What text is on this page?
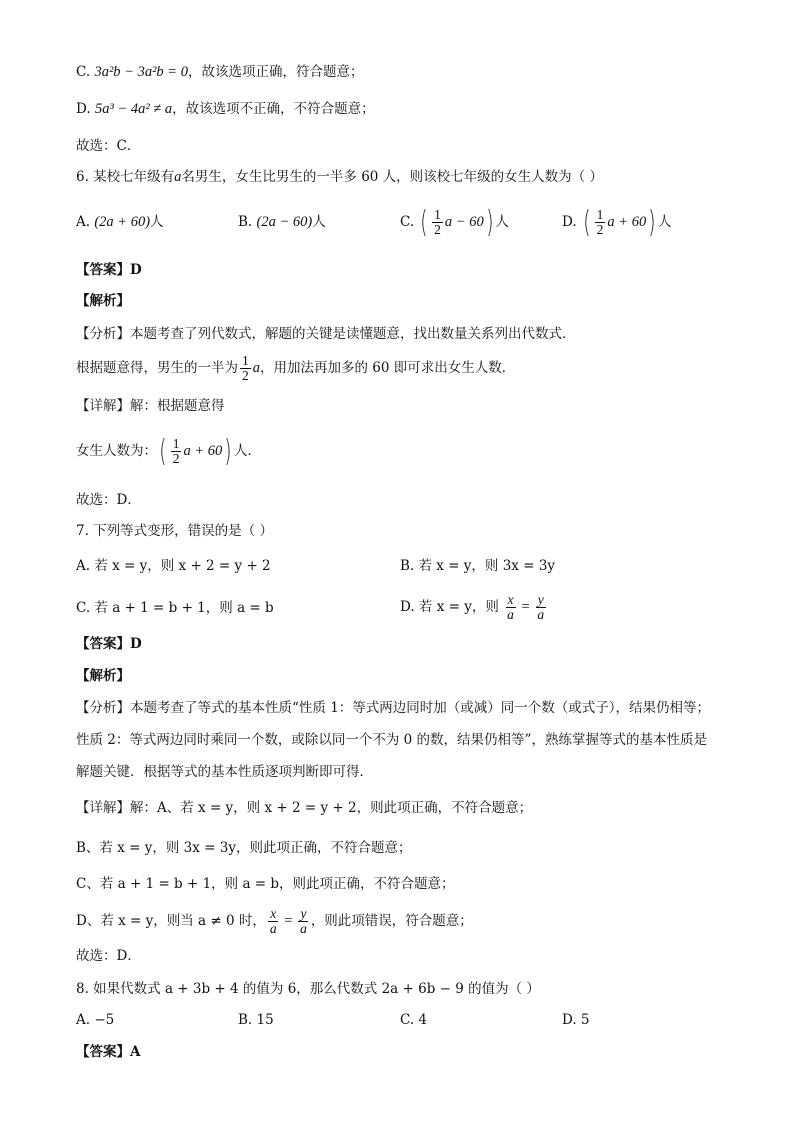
C. 3a²b − 3a²b = 0，故该选项正确，符合题意；
D. 5a³ − 4a² ≠ a，故该选项不正确，不符合题意；
故选：C．
6. 某校七年级有a名男生，女生比男生的一半多 60 人，则该校七年级的女生人数为（ ）
A. (2a + 60)人	B. (2a − 60)人	C. ( $\frac{1}{2}$ a − 60) 人	D. ( $\frac{1}{2}$ a + 60) 人
【答案】D
【解析】
【分析】本题考查了列代数式，解题的关键是读懂题意，找出数量关系列出代数式．
根据题意得，男生的一半为 $\frac{1}{2}$ a，用加法再加多的 60 即可求出女生人数．
【详解】解：根据题意得
女生人数为：( $\frac{1}{2}$ a + 60) 人．
故选：D．
7. 下列等式变形，错误的是（ ）
A. 若 x = y，则 x + 2 = y + 2	B. 若 x = y，则 3x = 3y
C. 若 a + 1 = b + 1，则 a = b	D. 若 x = y，则 $\frac{x}{a} = \frac{y}{a}$
【答案】D
【解析】
【分析】本题考查了等式的基本性质“性质 1：等式两边同时加（或减）同一个数（或式子），结果仍相等；
性质 2：等式两边同时乘同一个数，或除以同一个不为 0 的数，结果仍相等”，熟练掌握等式的基本性质是
解题关键．根据等式的基本性质逐项判断即可得．
【详解】解：A、若 x = y，则 x + 2 = y + 2，则此项正确，不符合题意；
B、若 x = y，则 3x = 3y，则此项正确，不符合题意；
C、若 a + 1 = b + 1，则 a = b，则此项正确，不符合题意；
D、若 x = y，则当 a ≠ 0 时， $\frac{x}{a} = \frac{y}{a}$ ，则此项错误，符合题意；
故选：D．
8. 如果代数式 a + 3b + 4 的值为 6，那么代数式 2a + 6b − 9 的值为（ ）
A. −5	B. 15	C. 4	D. 5
【答案】A
